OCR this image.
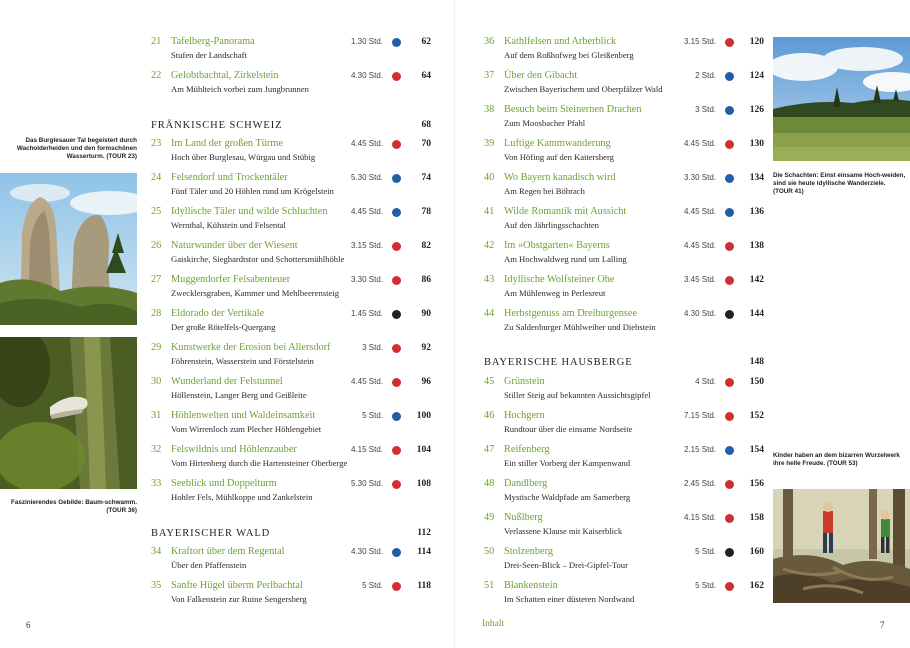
Das Burglesauer Tal begeistert durch Wacholderheiden und den formschönen Wasserturm. (TOUR 23)
Faszinierendes Gebilde: Baum-schwamm. (TOUR 36)
21 Tafelberg-Panorama
Stufen der Landschaft
1.30 Std.	62
22 Gelobtbachtal, Zirkelstein
Am Mühlteich vorbei zum Jungbrunnen
4.30 Std.	64
23 Im Land der großen Türme
Hoch über Burglesau, Würgau und Stübig
4.45 Std.	70
24 Felsendorf und Trockentäler
Fünf Täler und 20 Höhlen rund um Krögelstein
5.30 Std.	74
25 Idyllische Täler und wilde Schluchten
Wernthal, Kühstein und Felsental
4.45 Std.	78
26 Naturwunder über der Wiesent
Gaiskirche, Sieghardtstor und Schottersmühlhöhle
3.15 Std.	82
27 Muggendorfer Felsabenteuer
Zwecklersgraben, Kammer und Mehlbeerensteig
3.30 Std.	86
28 Eldorado der Vertikale
Der große Rötelfels-Quergang
1.45 Std.	90
29 Kunstwerke der Erosion bei Allersdorf
Föhrenstein, Wasserstein und Förstelstein
3 Std.	92
30 Wunderland der Felstunnel
Höllenstein, Langer Berg und Geißleite
4.45 Std.	96
31 Höhlenwelten und Waldeinsamkeit
Vom Wirrenloch zum Plecher Höhlengebiet
5 Std.	100
32 Felswildnis und Höhlenzauber
Vom Hirtenberg durch die Hartensteiner Oberberge
4.15 Std.	104
33 Seeblick und Doppelturm
Hohler Fels, Mühlkoppe und Zankelstein
5.30 Std.	108
34 Kraftort über dem Regental
Über den Pfaffenstein
4.30 Std.	114
35 Sanfte Hügel überm Perlbachtal
Von Falkenstein zur Ruine Sengersberg
5 Std.	118
FRÄNKISCHE SCHWEIZ	68
BAYERISCHER WALD	112
6
Die Schachten: Einst einsame Hoch-weiden, sind sie heute idyllische Wanderziele. (TOUR 41)
Kinder haben an dem bizarren Wurzelwerk ihre helle Freude. (TOUR 53)
36 Kathlfelsen und Arberblick
Auf dem Roßhofweg bei Gleißenberg
3.15 Std.	120
37 Über den Gibacht
Zwischen Bayerischem und Oberpfälzer Wald
2 Std.	124
38 Besuch beim Steinernen Drachen
Zum Moosbacher Pfahl
3 Std.	126
39 Luftige Kammwanderung
Von Höfing auf den Kaitersberg
4.45 Std.	130
40 Wo Bayern kanadisch wird
Am Regen bei Böbrach
3.30 Std.	134
41 Wilde Romantik mit Aussicht
Auf den Jährlingsschachten
4.45 Std.	136
42 Im »Obstgarten« Bayerns
Am Hochwaldweg rund um Lalling
4.45 Std.	138
43 Idyllische Wolfsteiner Ohe
Am Mühlenweg in Perlesreut
3.45 Std.	142
44 Herbstgenuss am Dreiburgensee
Zu Saldenburger Mühlweiher und Diebstein
4.30 Std.	144
45 Grünstein
Stiller Steig auf bekannten Aussichtsgipfel
4 Std.	150
46 Hochgern
Rundtour über die einsame Nordseite
7.15 Std.	152
47 Reifenberg
Ein stiller Vorberg der Kampenwand
2.15 Std.	154
48 Dandlberg
Mystische Waldpfade am Samerberg
2.45 Std.	156
49 Nußlberg
Verlassene Klause mit Kaiserblick
4.15 Std.	158
50 Stolzenberg
Drei-Seen-Blick – Drei-Gipfel-Tour
5 Std.	160
51 Blankenstein
Im Schatten einer düsteren Nordwand
5 Std.	162
BAYERISCHE HAUSBERGE	148
Inhalt	7
